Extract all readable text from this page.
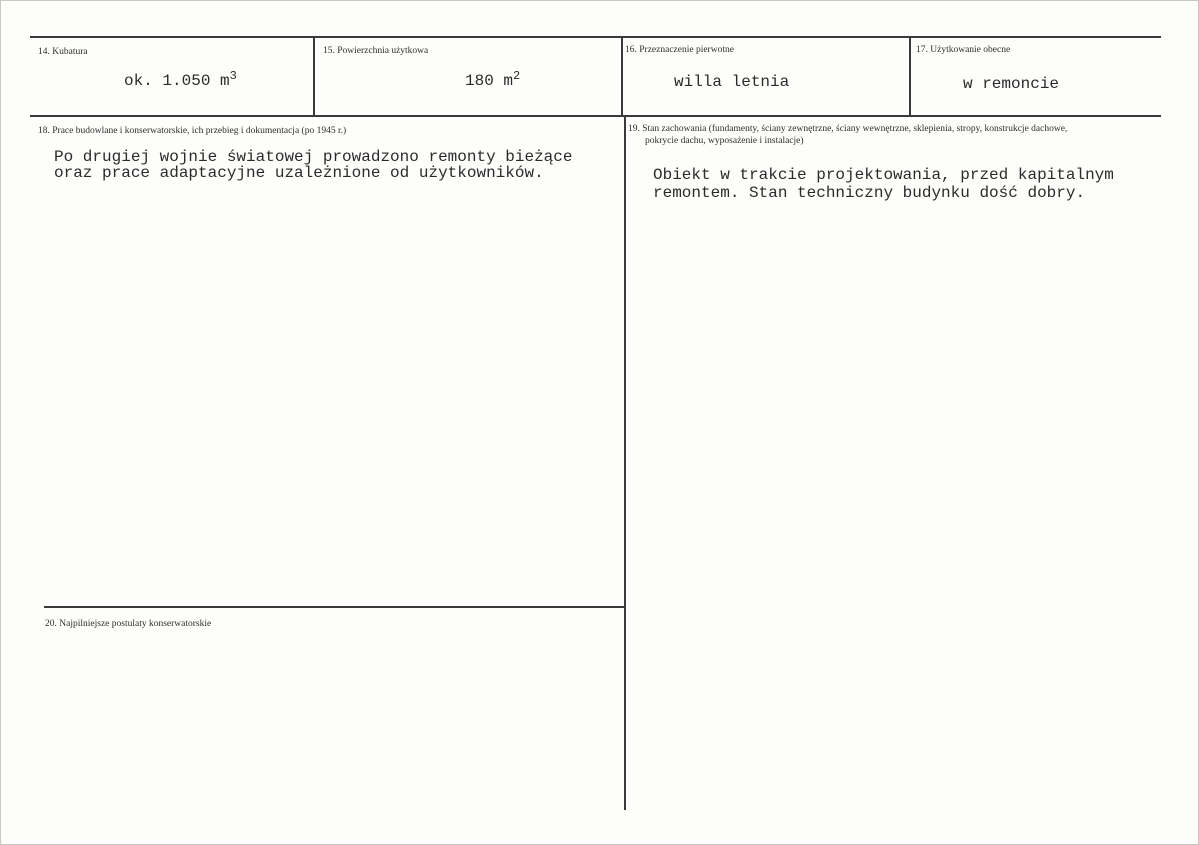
14. Kubatura
ok. 1.050 $m^3$
15. Powierzchnia użytkowa
180 $m^2$
16. Przeznaczenie pierwotne
willa letnia
17. Użytkowanie obecne
w remoncie
18. Prace budowlane i konserwatorskie, ich przebieg i dokumentacja (po 1945 r.)
Po drugiej wojnie światowej prowadzono remonty bieżące
oraz prace adaptacyjne uzależnione od użytkowników.
19. Stan zachowania (fundamenty, ściany zewnętrzne, ściany wewnętrzne, sklepienia, stropy, konstrukcje dachowe,
pokrycie dachu, wyposażenie i instalacje)
Obiekt w trakcie projektowania, przed kapitalnym
remontem. Stan techniczny budynku dość dobry.
20. Najpilniejsze postulaty konserwatorskie
